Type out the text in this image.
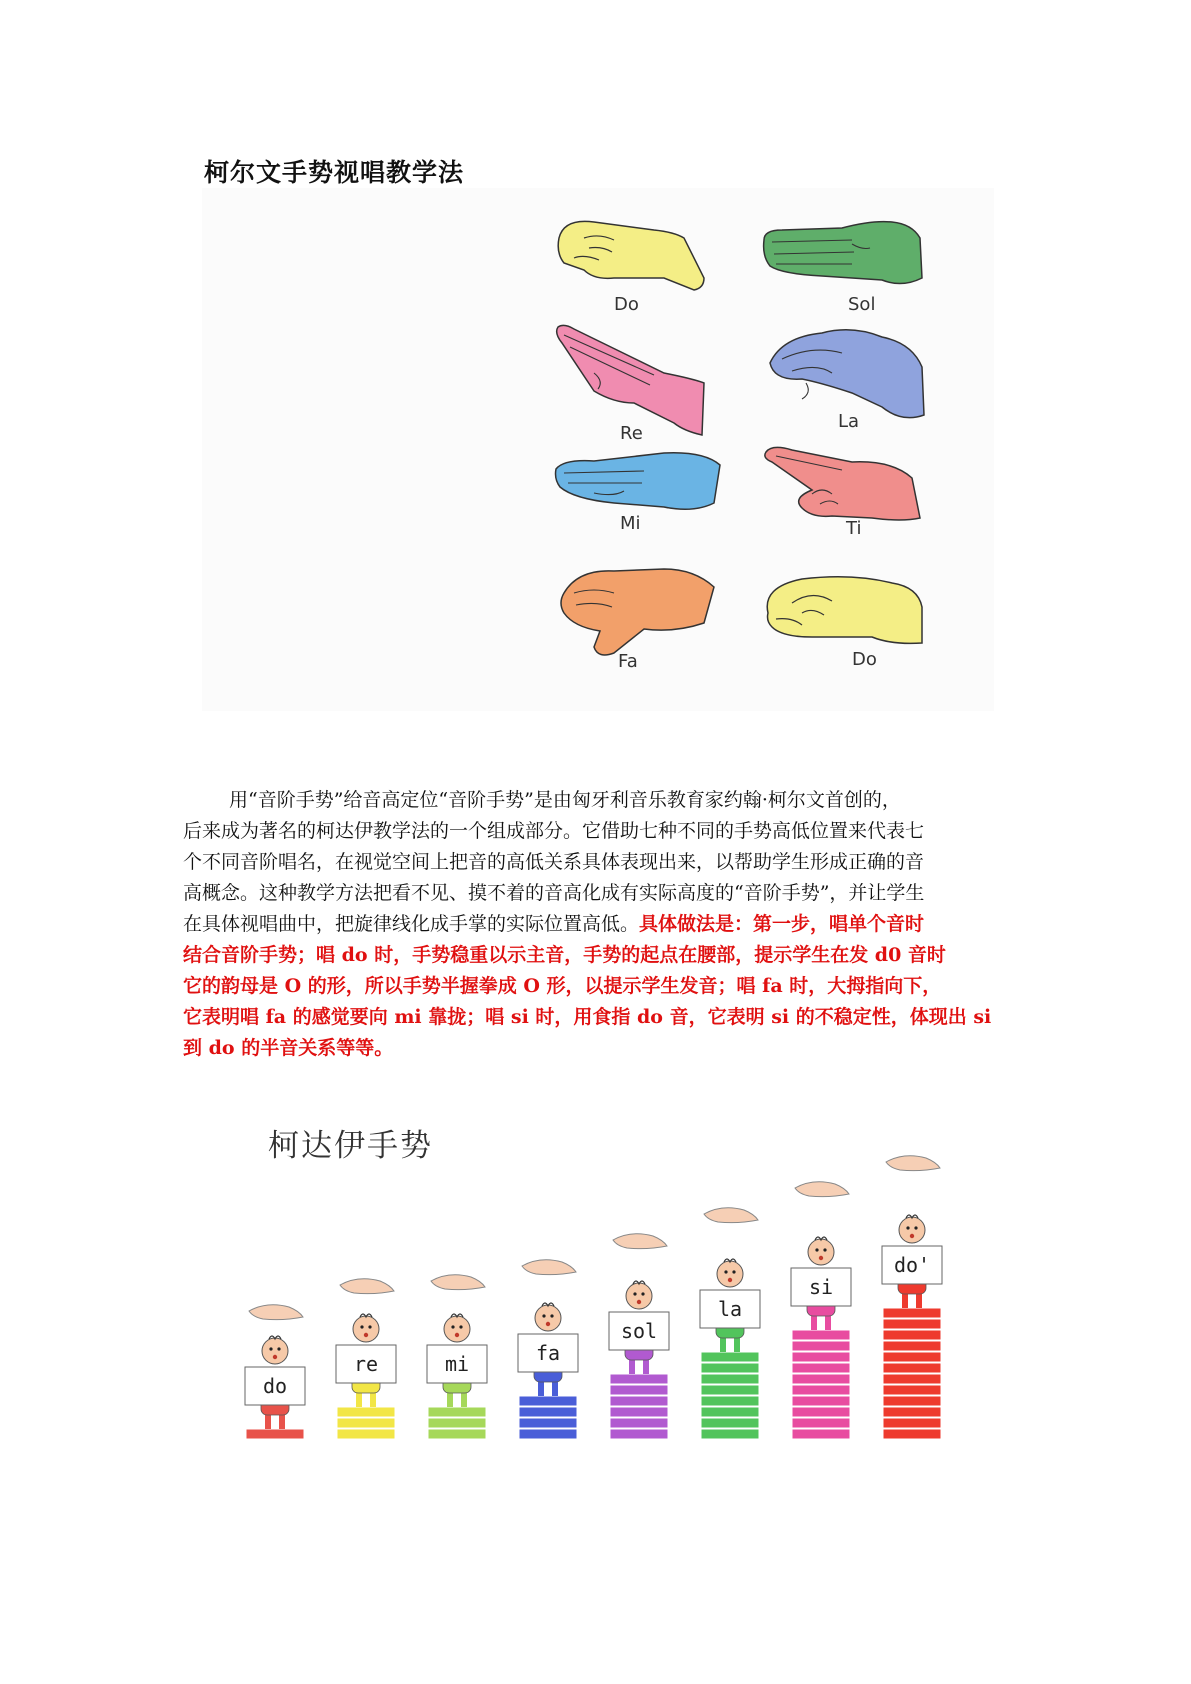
柯尔文手势视唱教学法
Do	Sol
Re
La
Mi	Ti
Fa	Do
用“音阶手势”给音高定位“音阶手势”是由匈牙利音乐教育家约翰·柯尔文首创的，
后来成为著名的柯达伊教学法的一个组成部分。它借助七种不同的手势高低位置来代表七
个不同音阶唱名，在视觉空间上把音的高低关系具体表现出来，以帮助学生形成正确的音
高概念。这种教学方法把看不见、摸不着的音高化成有实际高度的“音阶手势”，并让学生
在具体视唱曲中，把旋律线化成手掌的实际位置高低。具体做法是：第一步，唱单个音时
结合音阶手势；唱 do 时，手势稳重以示主音，手势的起点在腰部，提示学生在发 d0 音时
它的韵母是 O 的形，所以手势半握拳成 O 形，以提示学生发音；唱 fa 时，大拇指向下，
它表明唱 fa 的感觉要向 mi 靠拢；唱 si 时，用食指 do 音，它表明 si 的不稳定性，体现出 si
到 do 的半音关系等等。
柯达伊手势
do
re	mi	fa
sol
la
si
do'
